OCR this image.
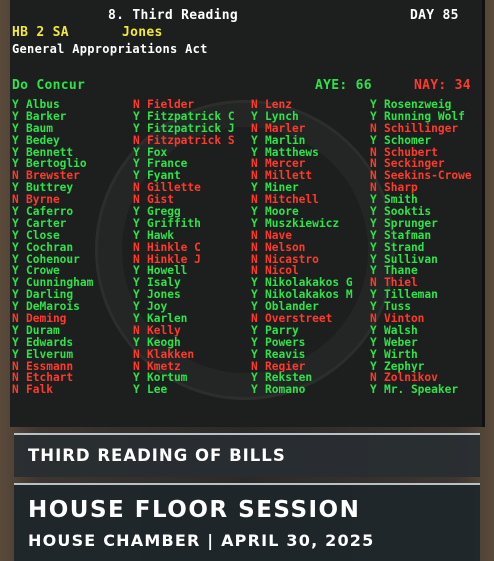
8. Third Reading	DAY 85
HB 2 SA	Jones
General Appropriations Act
Do Concur	AYE: 66	NAY: 34
Y Albus
Y Barker
Y Baum
Y Bedey
Y Bennett
Y Bertoglio
N Brewster
Y Buttrey
N Byrne
Y Caferro
Y Carter
Y Close
Y Cochran
Y Cohenour
Y Crowe
Y Cunningham
Y Darling
Y DeMarois
N Deming
Y Duram
Y Edwards
Y Elverum
N Essmann
N Etchart
N Falk
N Fielder
Y Fitzpatrick C
Y Fitzpatrick J
N Fitzpatrick S
Y Fox
Y France
Y Fyant
N Gillette
N Gist
Y Gregg
Y Griffith
Y Hawk
N Hinkle C
N Hinkle J
Y Howell
Y Isaly
Y Jones
Y Joy
Y Karlen
N Kelly
Y Keogh
N Klakken
N Kmetz
Y Kortum
Y Lee
N Lenz
Y Lynch
N Marler
Y Marlin
Y Matthews
N Mercer
N Millett
Y Miner
N Mitchell
Y Moore
Y Muszkiewicz
N Nave
N Nelson
N Nicastro
N Nicol
Y Nikolakakos G
Y Nikolakakos M
Y Oblander
N Overstreet
Y Parry
Y Powers
Y Reavis
N Regier
Y Reksten
Y Romano
Y Rosenzweig
Y Running Wolf
N Schillinger
Y Schomer
N Schubert
N Seckinger
N Seekins-Crowe
N Sharp
Y Smith
Y Sooktis
Y Sprunger
Y Stafman
Y Strand
Y Sullivan
Y Thane
N Thiel
Y Tilleman
Y Tuss
N Vinton
Y Walsh
Y Weber
Y Wirth
Y Zephyr
N Zolnikov
Y Mr. Speaker
THIRD READING OF BILLS
HOUSE FLOOR SESSION
HOUSE CHAMBER | APRIL 30, 2025
